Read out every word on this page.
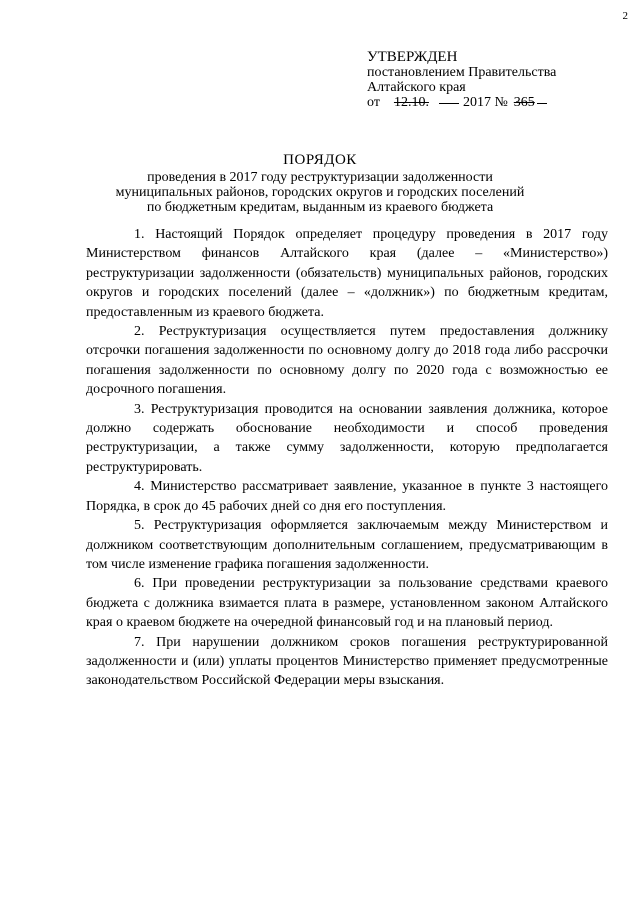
2
УТВЕРЖДЕН
постановлением Правительства
Алтайского края
от 12.10. 2017 № 365
ПОРЯДОК
проведения в 2017 году реструктуризации задолженности
муниципальных районов, городских округов и городских поселений
по бюджетным кредитам, выданным из краевого бюджета

1. Настоящий Порядок определяет процедуру проведения в 2017 году Министерством финансов Алтайского края (далее – «Министерство») реструктуризации задолженности (обязательств) муниципальных районов, городских округов и городских поселений (далее – «должник») по бюджетным кредитам, предоставленным из краевого бюджета.

2. Реструктуризация осуществляется путем предоставления должнику отсрочки погашения задолженности по основному долгу до 2018 года либо рассрочки погашения задолженности по основному долгу по 2020 года с возможностью ее досрочного погашения.

3. Реструктуризация проводится на основании заявления должника, которое должно содержать обоснование необходимости и способ проведения реструктуризации, а также сумму задолженности, которую предполагается реструктурировать.

4. Министерство рассматривает заявление, указанное в пункте 3 настоящего Порядка, в срок до 45 рабочих дней со дня его поступления.

5. Реструктуризация оформляется заключаемым между Министерством и должником соответствующим дополнительным соглашением, предусматривающим в том числе изменение графика погашения задолженности.

6. При проведении реструктуризации за пользование средствами краевого бюджета с должника взимается плата в размере, установленном законом Алтайского края о краевом бюджете на очередной финансовый год и на плановый период.

7. При нарушении должником сроков погашения реструктурированной задолженности и (или) уплаты процентов Министерство применяет предусмотренные законодательством Российской Федерации меры взыскания.
